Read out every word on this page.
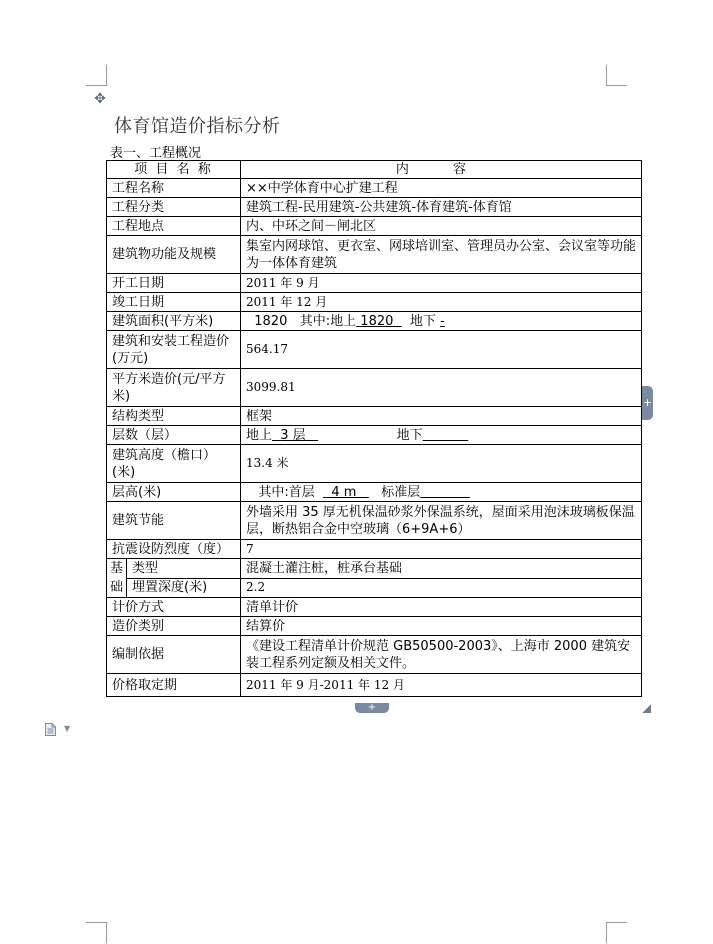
✥
体育馆造价指标分析
表一、工程概况
项 目 名 称		内 容
工程名称		××中学体育中心扩建工程
工程分类		建筑工程-民用建筑-公共建筑-体育建筑-体育馆
工程地点		内、中环之间－闸北区
建筑物功能及规模		集室内网球馆、更衣室、网球培训室、管理员办公室、会议室等功能为一体体育建筑
开工日期		2011 年 9 月
竣工日期		2011 年 12 月
建筑面积(平方米)		1820 其中:地上 1820 地下 -
建筑和安装工程造价(万元)		564.17
平方米造价(元/平方米)		3099.81
结构类型		框架
层数（层）		地上 3 层 地下
建筑高度（檐口）(米)		13.4 米
层高(米)		其中:首层 4 m 标准层
建筑节能		外墙采用 35 厚无机保温砂浆外保温系统，屋面采用泡沫玻璃板保温层，断热铝合金中空玻璃（6+9A+6）
抗震设防烈度（度）		7
基础	类型	混凝土灌注桩，桩承台基础
	埋置深度(米)	2.2
计价方式		清单计价
造价类别		结算价
编制依据		《建设工程清单计价规范 GB50500-2003》、上海市 2000 建筑安装工程系列定额及相关文件。
价格取定期		2011 年 9 月-2011 年 12 月
+
+
▼
